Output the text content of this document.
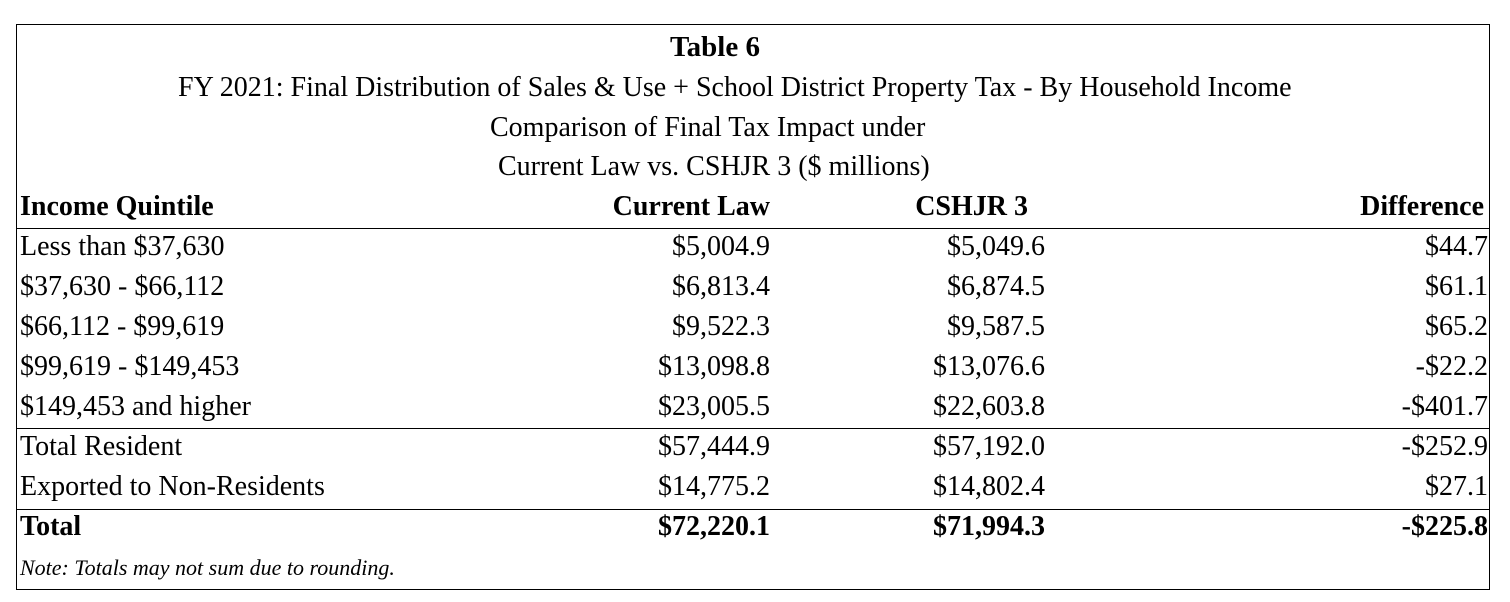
Table 6
FY 2021: Final Distribution of Sales & Use + School District Property Tax - By Household Income
Comparison of Final Tax Impact under
Current Law vs. CSHJR 3 ($ millions)
Income Quintile	Current Law	CSHJR 3	Difference
Less than $37,630	$5,004.9	$5,049.6	$44.7
$37,630 - $66,112	$6,813.4	$6,874.5	$61.1
$66,112 - $99,619	$9,522.3	$9,587.5	$65.2
$99,619 - $149,453	$13,098.8	$13,076.6	-$22.2
$149,453 and higher	$23,005.5	$22,603.8	-$401.7
Total Resident	$57,444.9	$57,192.0	-$252.9
Exported to Non-Residents	$14,775.2	$14,802.4	$27.1
Total	$72,220.1	$71,994.3	-$225.8
Note: Totals may not sum due to rounding.
